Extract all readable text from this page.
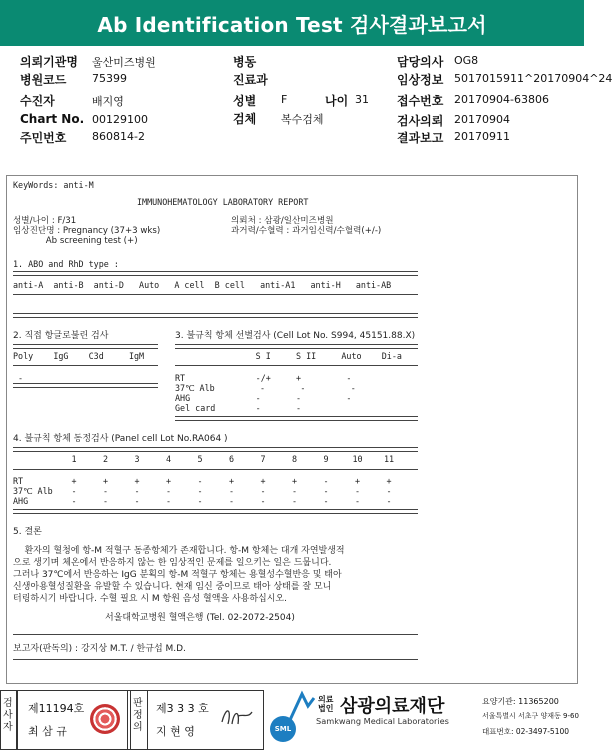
Ab Identification Test 검사결과보고서
의뢰기관명 울산미즈병원
병원코드 75399
수진자	배지영
Chart No. 00129100
주민번호 860814-2
병동
진료과
성별 F	나이 31
검체 복수검체
담당의사 OG8
임상정보 5017015911^20170904^24
접수번호 20170904-63806
검사의뢰 20170904
결과보고 20170911
KeyWords: anti-M
IMMUNOHEMATOLOGY LABORATORY REPORT
성별/나이 : F/31
임상진단명 : Pregnancy (37+3 wks)
Ab screening test (+)
의뢰처 : 삼광/일산미즈병원
과거력/수혈력 : 과거임신력/수혈력(+/-)
1. ABO and RhD type :
anti-A  anti-B  anti-D   Auto   A cell  B cell   anti-A1   anti-H   anti-AB
2. 직접 항글로불린 검사
Poly    IgG    C3d     IgM
-
3. 불규칙 항체 선별검사 (Cell Lot No. S994, 45151.88.X)
S I     S II     Auto    Di-a
RT              -/+     +         -
37℃ Alb         -       -         -
AHG             -       -         -
Gel card        -       -
4. 불규칙 항체 동정검사 (Panel cell Lot No.RA064 )
1	2	3	4	5	6	7	8	9	10	11
RT	+	+	+	+	-	+	+	+	-	+	+
37℃ Alb	-	-	-	-	-	-	-	-	-	-	-
AHG	-	-	-	-	-	-	-	-	-	-	-
5. 결론
환자의 혈청에 항-M 적혈구 동종항체가 존재합니다. 항-M 항체는 대개 자연발생적
으로 생기며 체온에서 반응하지 않는 한 임상적인 문제를 일으키는 일은 드뭅니다.
그러나 37℃에서 반응하는 IgG 분획의 항-M 적혈구 항체는 용혈성수혈반응 및 태아
신생아용혈성질환을 유발할 수 있습니다. 현재 임신 중이므로 태아 상태를 잘 모니
터링하시기 바랍니다. 수혈 필요 시 M 항원 음성 혈액을 사용하십시오.
서울대학교병원 혈액은행 (Tel. 02-2072-2504)
보고자(판독의) : 강지상 M.T. / 한규섭 M.D.
검사자
제11194호
최 삼 규
판정의
제3 3 3 호
지 현 영	SML
의료법인 삼광의료재단
Samkwang Medical Laboratories
요양기관: 11365200
서울특별시 서초구 양재동 9-60
대표번호: 02-3497-5100
